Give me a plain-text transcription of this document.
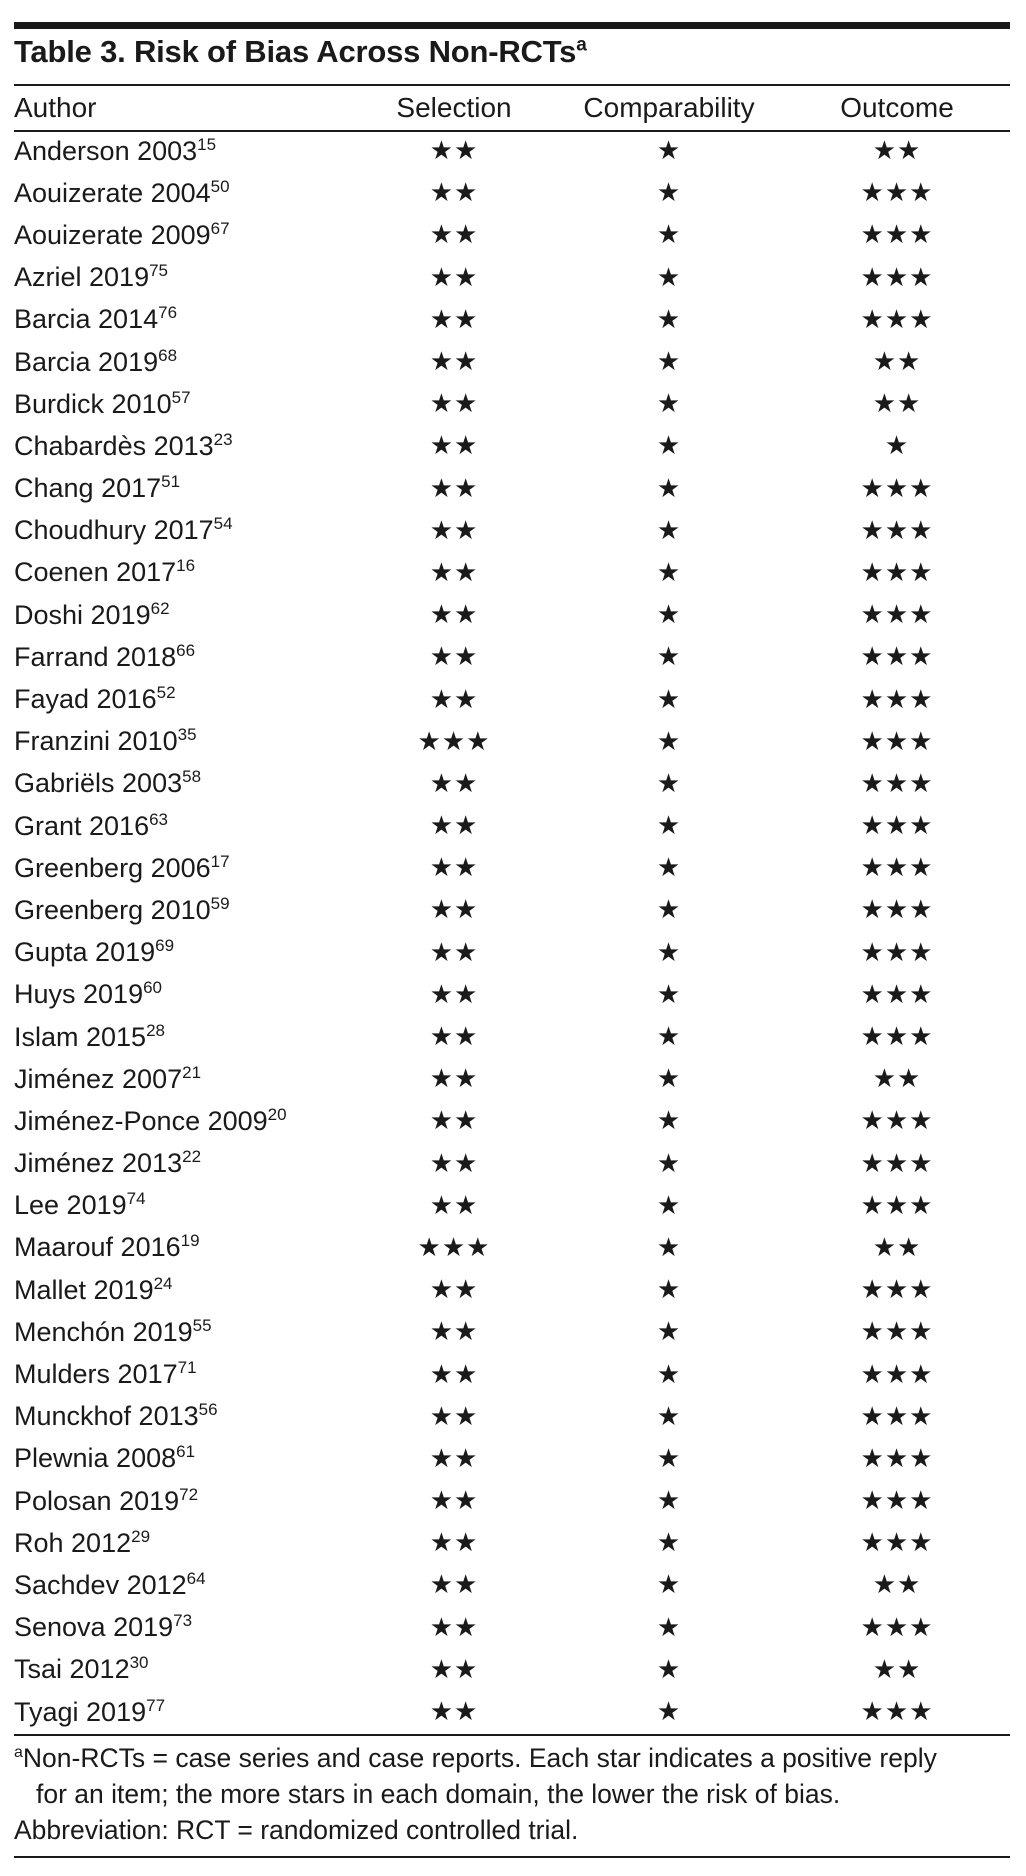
Table 3. Risk of Bias Across Non-RCTs$^a$
Author	Selection	Comparability	Outcome
Anderson 2003$^{15}$	★★	★	★★
Aouizerate 2004$^{50}$	★★	★	★★★
Aouizerate 2009$^{67}$	★★	★	★★★
Azriel 2019$^{75}$	★★	★	★★★
Barcia 2014$^{76}$	★★	★	★★★
Barcia 2019$^{68}$	★★	★	★★
Burdick 2010$^{57}$	★★	★	★★
Chabardès 2013$^{23}$	★★	★	★
Chang 2017$^{51}$	★★	★	★★★
Choudhury 2017$^{54}$	★★	★	★★★
Coenen 2017$^{16}$	★★	★	★★★
Doshi 2019$^{62}$	★★	★	★★★
Farrand 2018$^{66}$	★★	★	★★★
Fayad 2016$^{52}$	★★	★	★★★
Franzini 2010$^{35}$	★★★	★	★★★
Gabriëls 2003$^{58}$	★★	★	★★★
Grant 2016$^{63}$	★★	★	★★★
Greenberg 2006$^{17}$	★★	★	★★★
Greenberg 2010$^{59}$	★★	★	★★★
Gupta 2019$^{69}$	★★	★	★★★
Huys 2019$^{60}$	★★	★	★★★
Islam 2015$^{28}$	★★	★	★★★
Jiménez 2007$^{21}$	★★	★	★★
Jiménez-Ponce 2009$^{20}$	★★	★	★★★
Jiménez 2013$^{22}$	★★	★	★★★
Lee 2019$^{74}$	★★	★	★★★
Maarouf 2016$^{19}$	★★★	★	★★
Mallet 2019$^{24}$	★★	★	★★★
Menchón 2019$^{55}$	★★	★	★★★
Mulders 2017$^{71}$	★★	★	★★★
Munckhof 2013$^{56}$	★★	★	★★★
Plewnia 2008$^{61}$	★★	★	★★★
Polosan 2019$^{72}$	★★	★	★★★
Roh 2012$^{29}$	★★	★	★★★
Sachdev 2012$^{64}$	★★	★	★★
Senova 2019$^{73}$	★★	★	★★★
Tsai 2012$^{30}$	★★	★	★★
Tyagi 2019$^{77}$	★★	★	★★★

$^a$Non-RCTs = case series and case reports. Each star indicates a positive reply

for an item; the more stars in each domain, the lower the risk of bias.

Abbreviation: RCT = randomized controlled trial.
